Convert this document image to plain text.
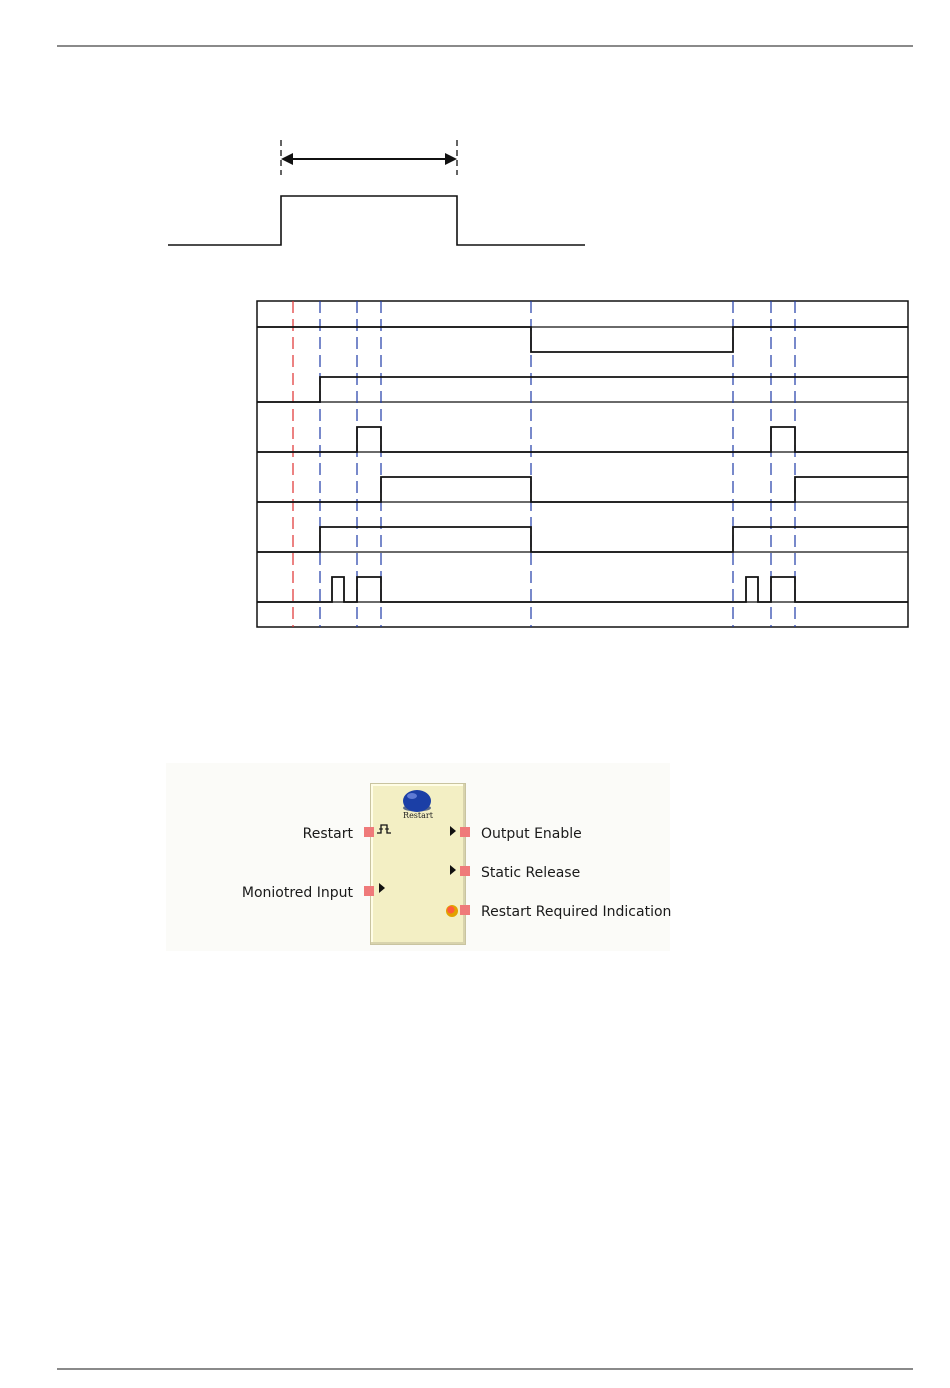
Restart
Restart
Moniotred Input
Output Enable
Static Release
Restart Required Indication
